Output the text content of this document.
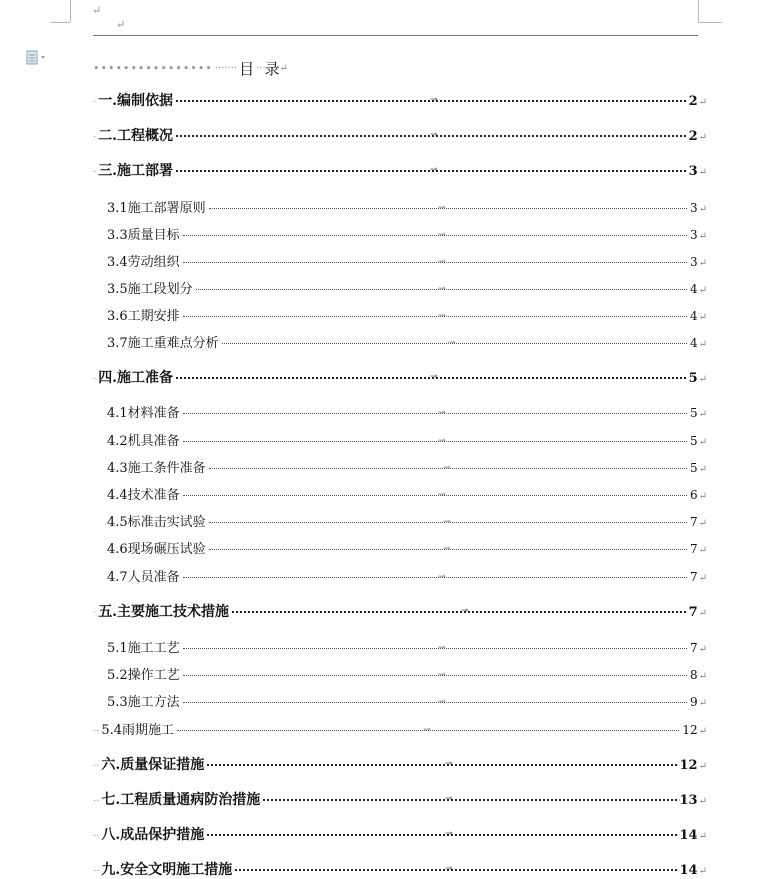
↵
↵
•••••••••••••••• ······· 目 ·· 录 ↵
· 一.编制依据	→	2 ↵
· 二.工程概况	→	2 ↵
· 三.施工部署	→	3 ↵
3.1施工部署原则	→	3 ↵
3.3质量目标	→	3 ↵
3.4劳动组织	→	3 ↵
3.5施工段划分	→	4 ↵
3.6工期安排	→	4 ↵
3.7施工重难点分析	→	4 ↵
· 四.施工准备	→	5 ↵
4.1材料准备	→	5 ↵
4.2机具准备	→	5 ↵
4.3施工条件准备	→	5 ↵
4.4技术准备	→	6 ↵
4.5标准击实试验	→	7 ↵
4.6现场碾压试验	→	7 ↵
4.7人员准备	→	7 ↵
· 五.主要施工技术措施	→	7 ↵
5.1施工工艺	→	7 ↵
5.2操作工艺	→	8 ↵
5.3施工方法	→	9 ↵
·· 5.4雨期施工	→	12 ↵
·· 六.质量保证措施	→	12 ↵
·· 七.工程质量通病防治措施	→	13 ↵
·· 八.成品保护措施	→	14 ↵
·· 九.安全文明施工措施	→	14 ↵
